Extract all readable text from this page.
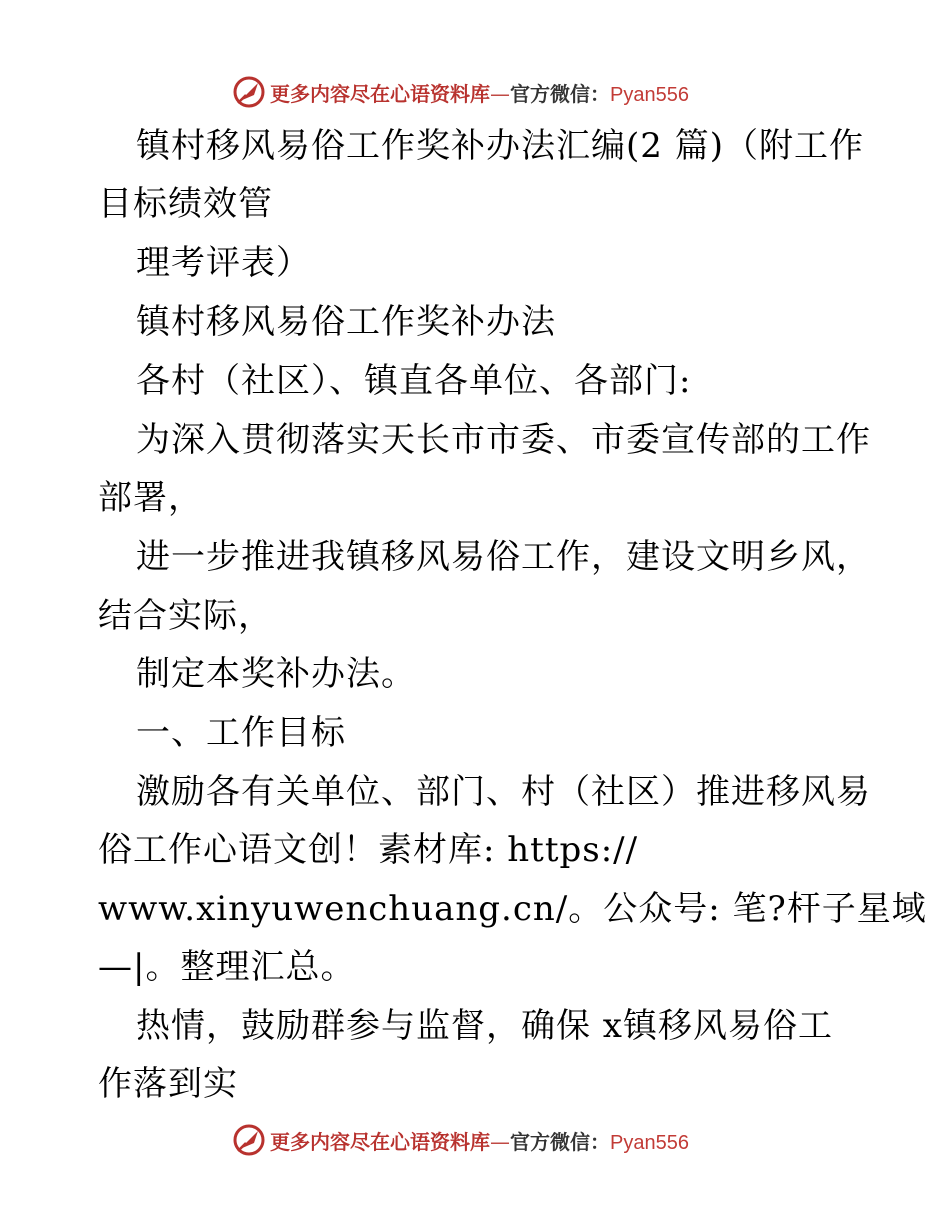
更多内容尽在心语资料库—官方微信：Pyan556
镇村移风易俗工作奖补办法汇编(2 篇)（附工作
目标绩效管
理考评表）
镇村移风易俗工作奖补办法
各村（社区）、镇直各单位、各部门:
为深入贯彻落实天长市市委、市委宣传部的工作
部署，
进一步推进我镇移风易俗工作，建设文明乡风，
结合实际，
制定本奖补办法。
一、工作目标
激励各有关单位、部门、村（社区）推进移风易
俗工作心语文创！素材库: https://
www.xinyuwenchuang.cn/。公众号: 笔?杆子星域
—|。整理汇总。
热情，鼓励群参与监督，确保 x镇移风易俗工
作落到实
更多内容尽在心语资料库—官方微信：Pyan556
